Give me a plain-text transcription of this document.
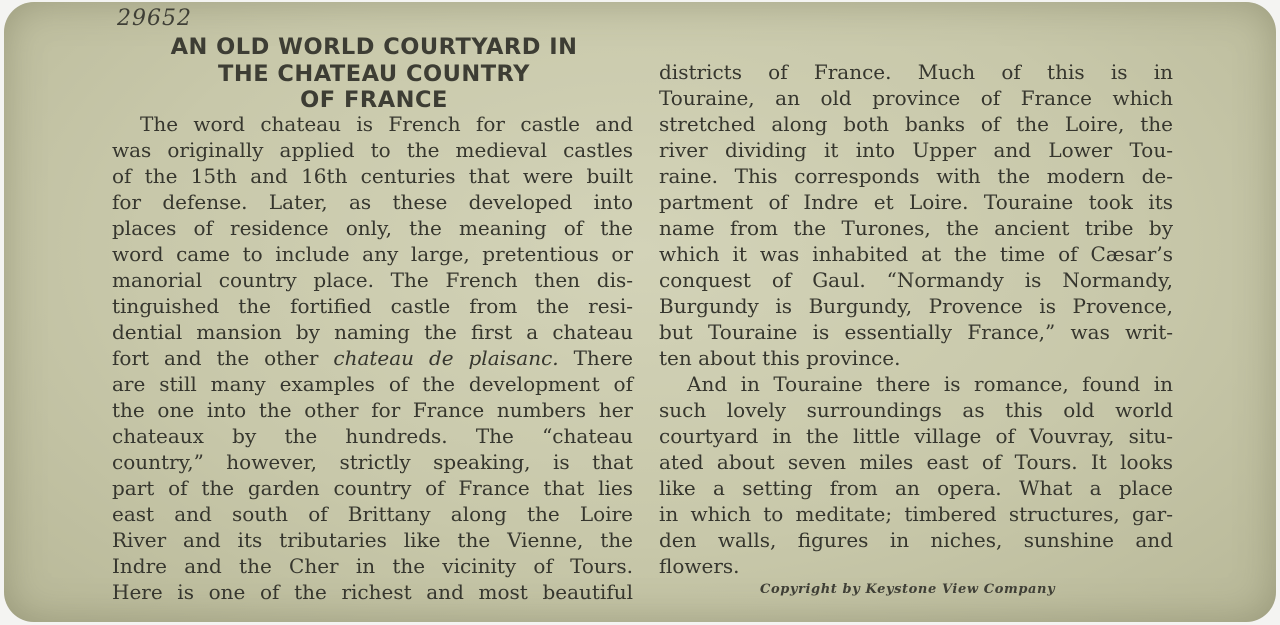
29652
AN OLD WORLD COURTYARD IN
THE CHATEAU COUNTRY
OF FRANCE
The word chateau is French for castle and
was originally applied to the medieval castles
of the 15th and 16th centuries that were built
for defense. Later, as these developed into
places of residence only, the meaning of the
word came to include any large, pretentious or
manorial country place. The French then dis-
tinguished the fortified castle from the resi-
dential mansion by naming the first a chateau
fort and the other chateau de plaisanc. There
are still many examples of the development of
the one into the other for France numbers her
chateaux by the hundreds. The “chateau
country,” however, strictly speaking, is that
part of the garden country of France that lies
east and south of Brittany along the Loire
River and its tributaries like the Vienne, the
Indre and the Cher in the vicinity of Tours.
Here is one of the richest and most beautiful
districts of France. Much of this is in
Touraine, an old province of France which
stretched along both banks of the Loire, the
river dividing it into Upper and Lower Tou-
raine. This corresponds with the modern de-
partment of Indre et Loire. Touraine took its
name from the Turones, the ancient tribe by
which it was inhabited at the time of Cæsar’s
conquest of Gaul. “Normandy is Normandy,
Burgundy is Burgundy, Provence is Provence,
but Touraine is essentially France,” was writ-
ten about this province.
And in Touraine there is romance, found in
such lovely surroundings as this old world
courtyard in the little village of Vouvray, situ-
ated about seven miles east of Tours. It looks
like a setting from an opera. What a place
in which to meditate; timbered structures, gar-
den walls, figures in niches, sunshine and
flowers.
Copyright by Keystone View Company
